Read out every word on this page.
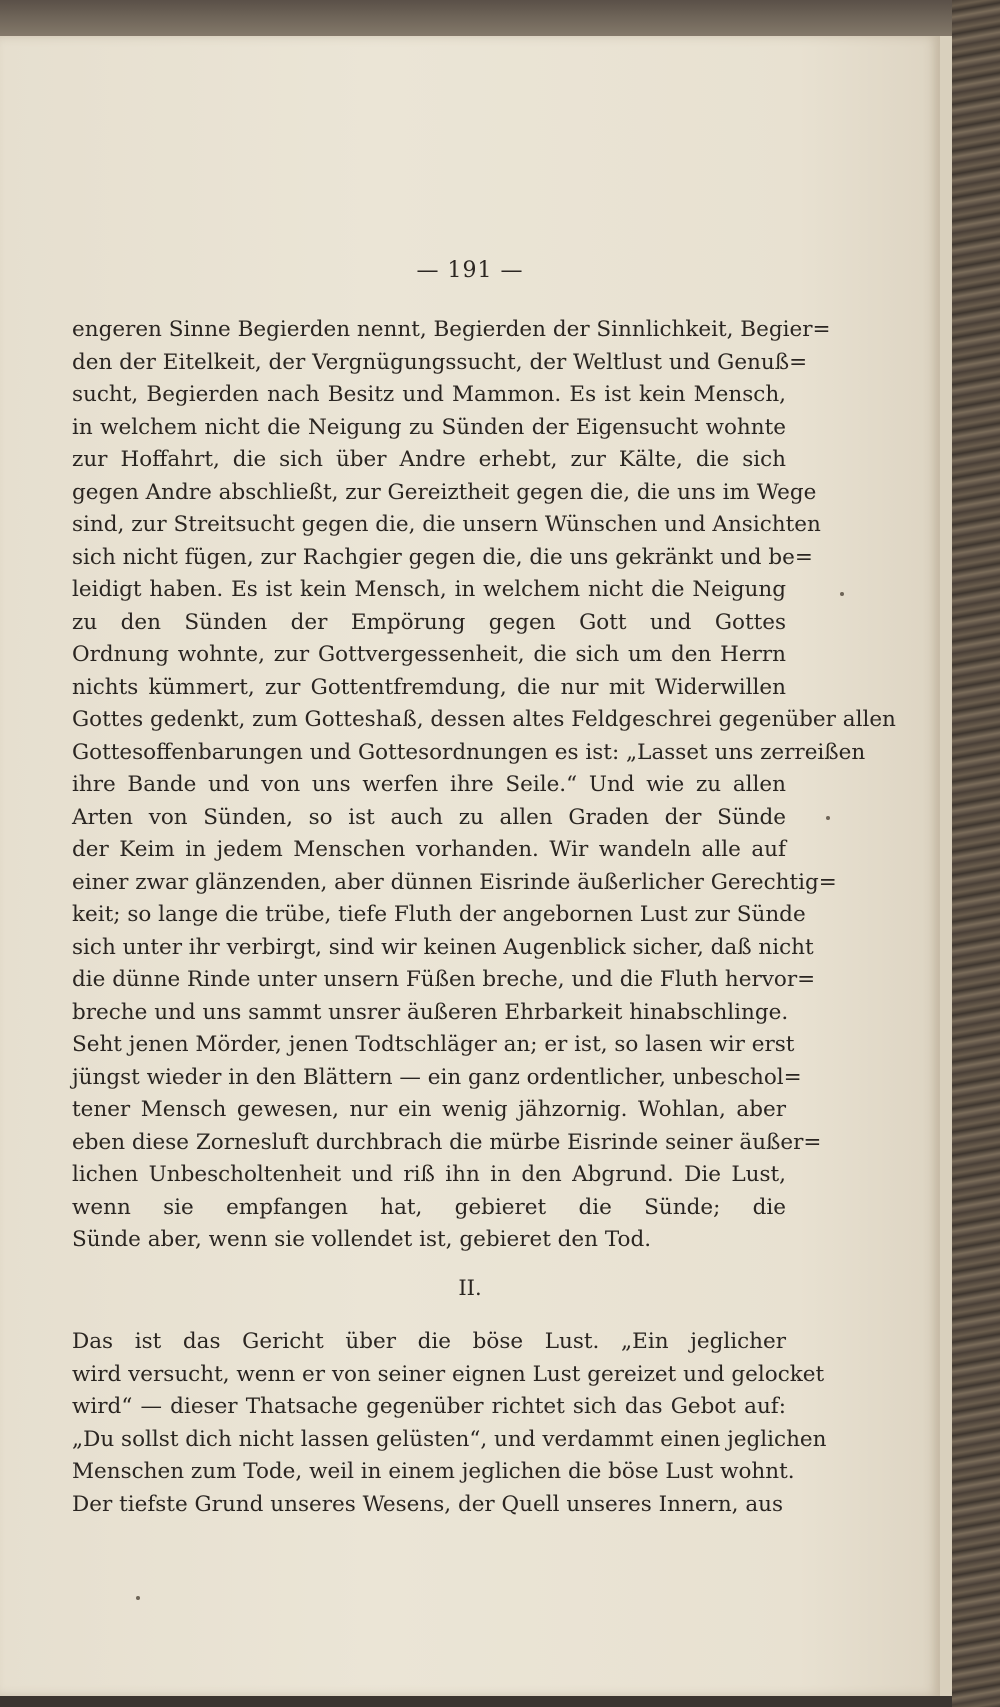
— 191 —
engeren Sinne Begierden nennt, Begierden der Sinnlichkeit, Begier=
den der Eitelkeit, der Vergnügungssucht, der Weltlust und Genuß=
sucht, Begierden nach Besitz und Mammon. Es ist kein Mensch,
in welchem nicht die Neigung zu Sünden der Eigensucht wohnte
zur Hoffahrt, die sich über Andre erhebt, zur Kälte, die sich
gegen Andre abschließt, zur Gereiztheit gegen die, die uns im Wege
sind, zur Streitsucht gegen die, die unsern Wünschen und Ansichten
sich nicht fügen, zur Rachgier gegen die, die uns gekränkt und be=
leidigt haben. Es ist kein Mensch, in welchem nicht die Neigung
zu den Sünden der Empörung gegen Gott und Gottes
Ordnung wohnte, zur Gottvergessenheit, die sich um den Herrn
nichts kümmert, zur Gottentfremdung, die nur mit Widerwillen
Gottes gedenkt, zum Gotteshaß, dessen altes Feldgeschrei gegenüber allen
Gottesoffenbarungen und Gottesordnungen es ist: „Lasset uns zerreißen
ihre Bande und von uns werfen ihre Seile.“ Und wie zu allen
Arten von Sünden, so ist auch zu allen Graden der Sünde
der Keim in jedem Menschen vorhanden. Wir wandeln alle auf
einer zwar glänzenden, aber dünnen Eisrinde äußerlicher Gerechtig=
keit; so lange die trübe, tiefe Fluth der angebornen Lust zur Sünde
sich unter ihr verbirgt, sind wir keinen Augenblick sicher, daß nicht
die dünne Rinde unter unsern Füßen breche, und die Fluth hervor=
breche und uns sammt unsrer äußeren Ehrbarkeit hinabschlinge.
Seht jenen Mörder, jenen Todtschläger an; er ist, so lasen wir erst
jüngst wieder in den Blättern — ein ganz ordentlicher, unbeschol=
tener Mensch gewesen, nur ein wenig jähzornig. Wohlan, aber
eben diese Zornesluft durchbrach die mürbe Eisrinde seiner äußer=
lichen Unbescholtenheit und riß ihn in den Abgrund. Die Lust,
wenn sie empfangen hat, gebieret die Sünde; die
Sünde aber, wenn sie vollendet ist, gebieret den Tod.
II.
Das ist das Gericht über die böse Lust. „Ein jeglicher
wird versucht, wenn er von seiner eignen Lust gereizet und gelocket
wird“ — dieser Thatsache gegenüber richtet sich das Gebot auf:
„Du sollst dich nicht lassen gelüsten“, und verdammt einen jeglichen
Menschen zum Tode, weil in einem jeglichen die böse Lust wohnt.
Der tiefste Grund unseres Wesens, der Quell unseres Innern, aus
